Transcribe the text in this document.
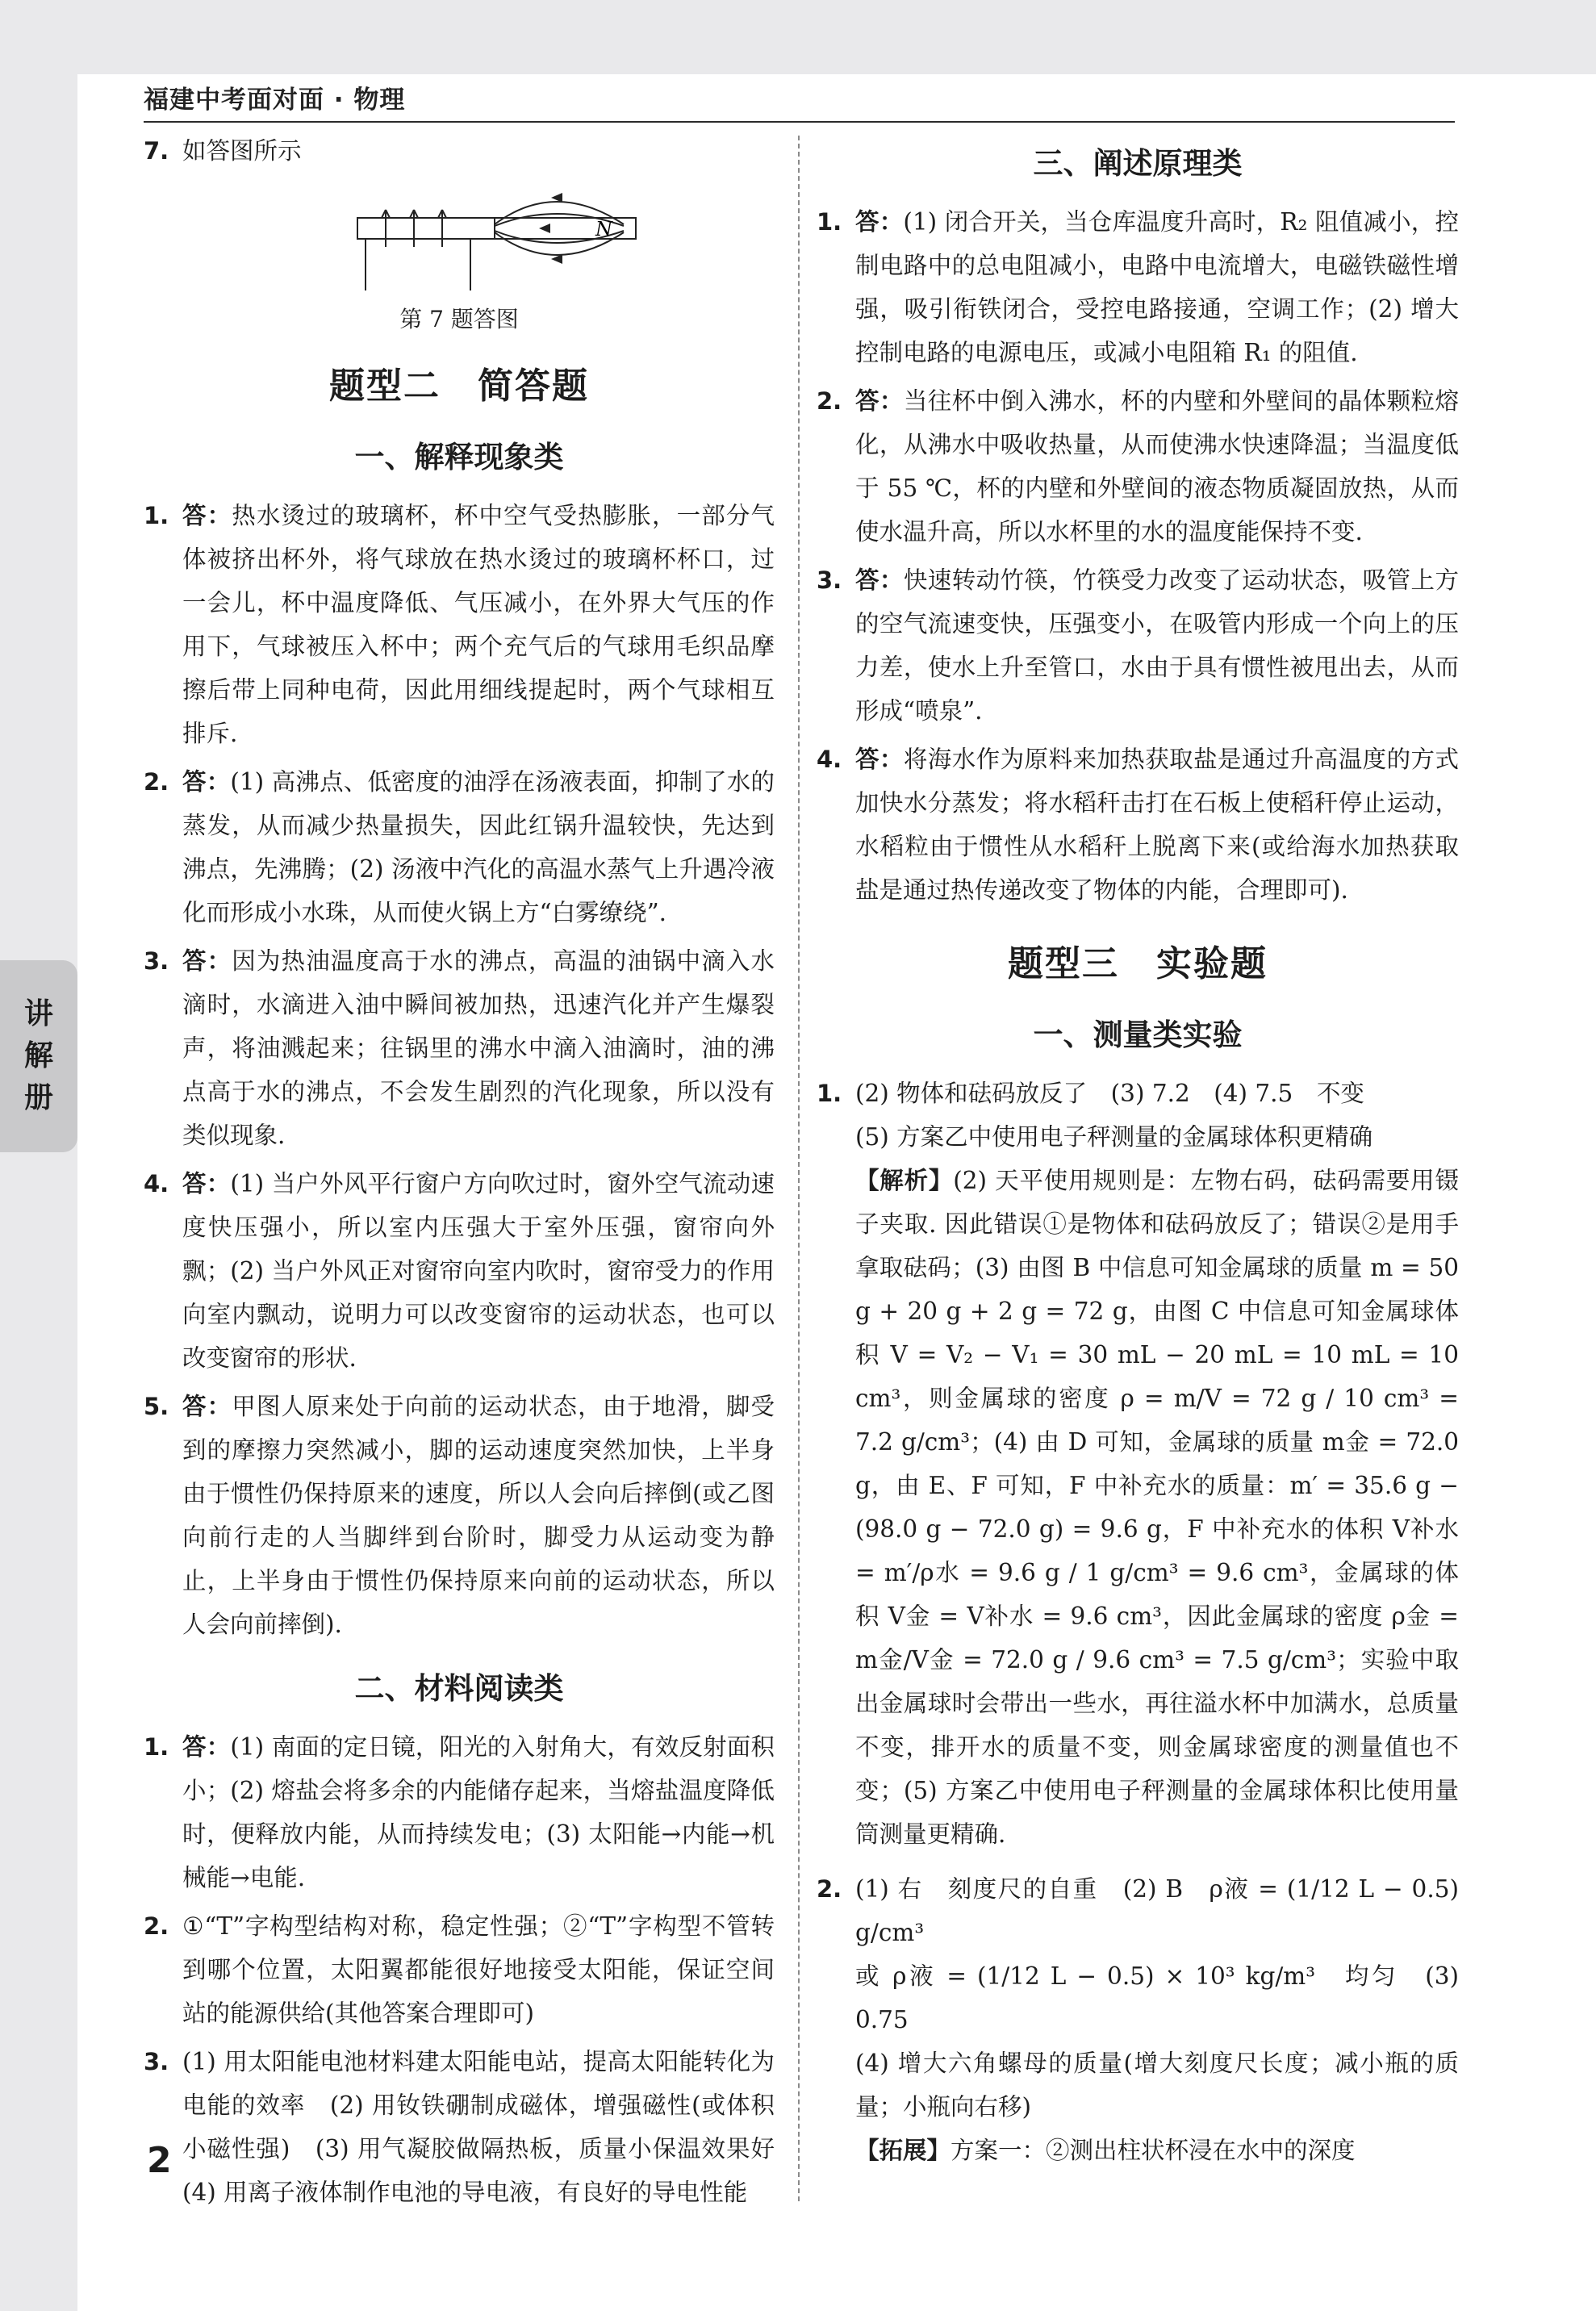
福建中考面对面 · 物理
讲
解
册
7. 如答图所示
N
第 7 题答图
题型二　简答题
一、解释现象类
1. 答：热水烫过的玻璃杯，杯中空气受热膨胀，一部分气体被挤出杯外，将气球放在热水烫过的玻璃杯杯口，过一会儿，杯中温度降低、气压减小，在外界大气压的作用下，气球被压入杯中；两个充气后的气球用毛织品摩擦后带上同种电荷，因此用细线提起时，两个气球相互排斥.
2. 答：(1) 高沸点、低密度的油浮在汤液表面，抑制了水的蒸发，从而减少热量损失，因此红锅升温较快，先达到沸点，先沸腾；(2) 汤液中汽化的高温水蒸气上升遇冷液化而形成小水珠，从而使火锅上方“白雾缭绕”.
3. 答：因为热油温度高于水的沸点，高温的油锅中滴入水滴时，水滴进入油中瞬间被加热，迅速汽化并产生爆裂声，将油溅起来；往锅里的沸水中滴入油滴时，油的沸点高于水的沸点，不会发生剧烈的汽化现象，所以没有类似现象.
4. 答：(1) 当户外风平行窗户方向吹过时，窗外空气流动速度快压强小，所以室内压强大于室外压强，窗帘向外飘；(2) 当户外风正对窗帘向室内吹时，窗帘受力的作用向室内飘动，说明力可以改变窗帘的运动状态，也可以改变窗帘的形状.
5. 答：甲图人原来处于向前的运动状态，由于地滑，脚受到的摩擦力突然减小，脚的运动速度突然加快，上半身由于惯性仍保持原来的速度，所以人会向后摔倒(或乙图向前行走的人当脚绊到台阶时，脚受力从运动变为静止，上半身由于惯性仍保持原来向前的运动状态，所以人会向前摔倒).
二、材料阅读类
1. 答：(1) 南面的定日镜，阳光的入射角大，有效反射面积小；(2) 熔盐会将多余的内能储存起来，当熔盐温度降低时，便释放内能，从而持续发电；(3) 太阳能→内能→机械能→电能.
2. ①“T”字构型结构对称，稳定性强；②“T”字构型不管转到哪个位置，太阳翼都能很好地接受太阳能，保证空间站的能源供给(其他答案合理即可)
3. (1) 用太阳能电池材料建太阳能电站，提高太阳能转化为电能的效率　(2) 用钕铁硼制成磁体，增强磁性(或体积小磁性强)　(3) 用气凝胶做隔热板，质量小保温效果好　(4) 用离子液体制作电池的导电液，有良好的导电性能
三、阐述原理类
1. 答：(1) 闭合开关，当仓库温度升高时，R₂ 阻值减小，控制电路中的总电阻减小，电路中电流增大，电磁铁磁性增强，吸引衔铁闭合，受控电路接通，空调工作；(2) 增大控制电路的电源电压，或减小电阻箱 R₁ 的阻值.
2. 答：当往杯中倒入沸水，杯的内壁和外壁间的晶体颗粒熔化，从沸水中吸收热量，从而使沸水快速降温；当温度低于 55 ℃，杯的内壁和外壁间的液态物质凝固放热，从而使水温升高，所以水杯里的水的温度能保持不变.
3. 答：快速转动竹筷，竹筷受力改变了运动状态，吸管上方的空气流速变快，压强变小，在吸管内形成一个向上的压力差，使水上升至管口，水由于具有惯性被甩出去，从而形成“喷泉”.
4. 答：将海水作为原料来加热获取盐是通过升高温度的方式加快水分蒸发；将水稻秆击打在石板上使稻秆停止运动，水稻粒由于惯性从水稻秆上脱离下来(或给海水加热获取盐是通过热传递改变了物体的内能，合理即可).
题型三　实验题
一、测量类实验
1. (2) 物体和砝码放反了　(3) 7.2　(4) 7.5　不变
(5) 方案乙中使用电子秤测量的金属球体积更精确
【解析】(2) 天平使用规则是：左物右码，砝码需要用镊子夹取. 因此错误①是物体和砝码放反了；错误②是用手拿取砝码；(3) 由图 B 中信息可知金属球的质量 m = 50 g + 20 g + 2 g = 72 g，由图 C 中信息可知金属球体积 V = V₂ − V₁ = 30 mL − 20 mL = 10 mL = 10 cm³，则金属球的密度 ρ = m/V = 72 g / 10 cm³ = 7.2 g/cm³；(4) 由 D 可知，金属球的质量 m金 = 72.0 g，由 E、F 可知，F 中补充水的质量：m′ = 35.6 g − (98.0 g − 72.0 g) = 9.6 g，F 中补充水的体积 V补水 = m′/ρ水 = 9.6 g / 1 g/cm³ = 9.6 cm³，金属球的体积 V金 = V补水 = 9.6 cm³，因此金属球的密度 ρ金 = m金/V金 = 72.0 g / 9.6 cm³ = 7.5 g/cm³；实验中取出金属球时会带出一些水，再往溢水杯中加满水，总质量不变，排开水的质量不变，则金属球密度的测量值也不变；(5) 方案乙中使用电子秤测量的金属球体积比使用量筒测量更精确.
2. (1) 右　刻度尺的自重　(2) B　ρ液 = (1/12 L − 0.5) g/cm³
或 ρ液 = (1/12 L − 0.5) × 10³ kg/m³　均匀　(3) 0.75
(4) 增大六角螺母的质量(增大刻度尺长度；减小瓶的质量；小瓶向右移)
【拓展】方案一：②测出柱状杯浸在水中的深度
2
